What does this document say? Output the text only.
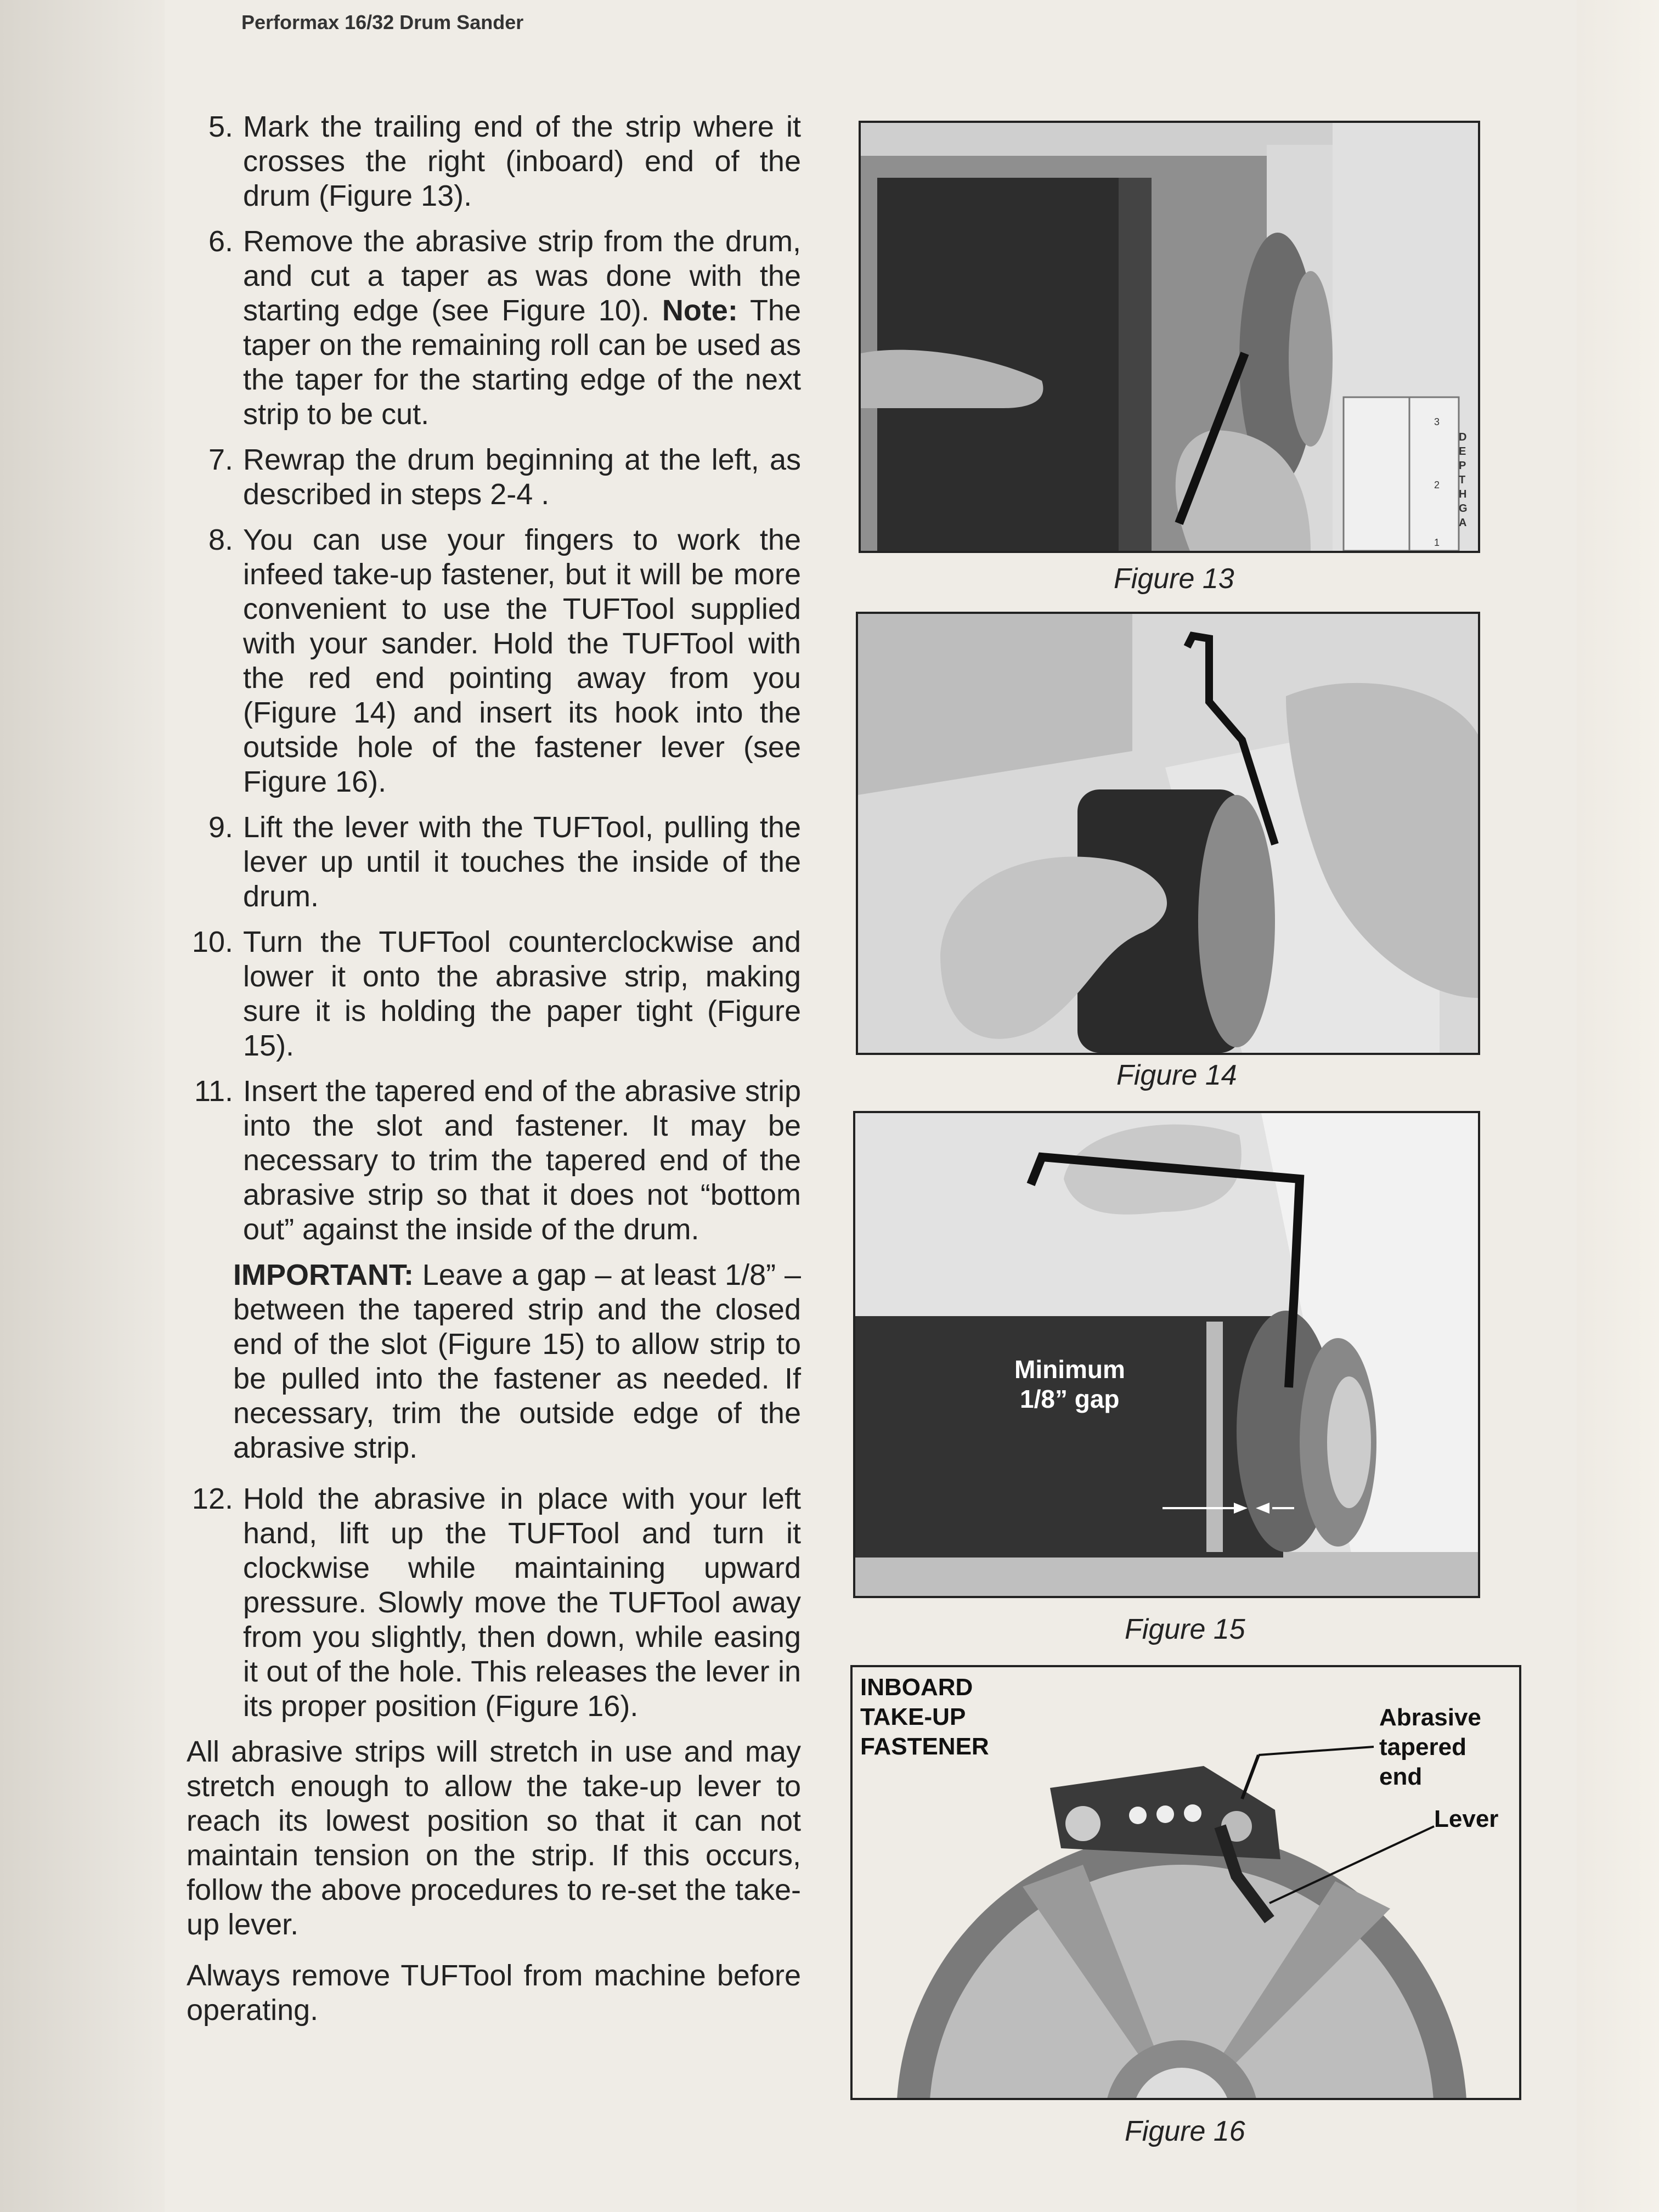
Performax 16/32 Drum Sander
5. Mark the trailing end of the strip where it crosses the right (inboard) end of the drum (Figure 13).
6. Remove the abrasive strip from the drum, and cut a taper as was done with the starting edge (see Figure 10). Note: The taper on the remaining roll can be used as the taper for the starting edge of the next strip to be cut.
7. Rewrap the drum beginning at the left, as described in steps 2-4 .
8. You can use your fingers to work the infeed take-up fastener, but it will be more convenient to use the TUFTool supplied with your sander. Hold the TUFTool with the red end pointing away from you (Figure 14) and insert its hook into the outside hole of the fastener lever (see Figure 16).
9. Lift the lever with the TUFTool, pulling the lever up until it touches the inside of the drum.
10. Turn the TUFTool counterclockwise and lower it onto the abrasive strip, making sure it is holding the paper tight (Figure 15).
11. Insert the tapered end of the abrasive strip into the slot and fastener. It may be necessary to trim the tapered end of the abrasive strip so that it does not “bottom out” against the inside of the drum.
IMPORTANT: Leave a gap – at least 1/8” – between the tapered strip and the closed end of the slot (Figure 15) to allow strip to be pulled into the fastener as needed. If necessary, trim the outside edge of the abrasive strip.
12. Hold the abrasive in place with your left hand, lift up the TUFTool and turn it clockwise while maintaining upward pressure. Slowly move the TUFTool away from you slightly, then down, while easing it out of the hole. This releases the lever in its proper position (Figure 16).
All abrasive strips will stretch in use and may stretch enough to allow the take-up lever to reach its lowest position so that it can not maintain tension on the strip. If this occurs, follow the above procedures to re-set the take-up lever.
Always remove TUFTool from machine before operating.
DEPTH GA
3
2
1
Figure 13
Figure 14
Minimum
1/8” gap
Figure 15
INBOARD
TAKE-UP
FASTENER
Abrasive
tapered
end
Lever
Figure 16
